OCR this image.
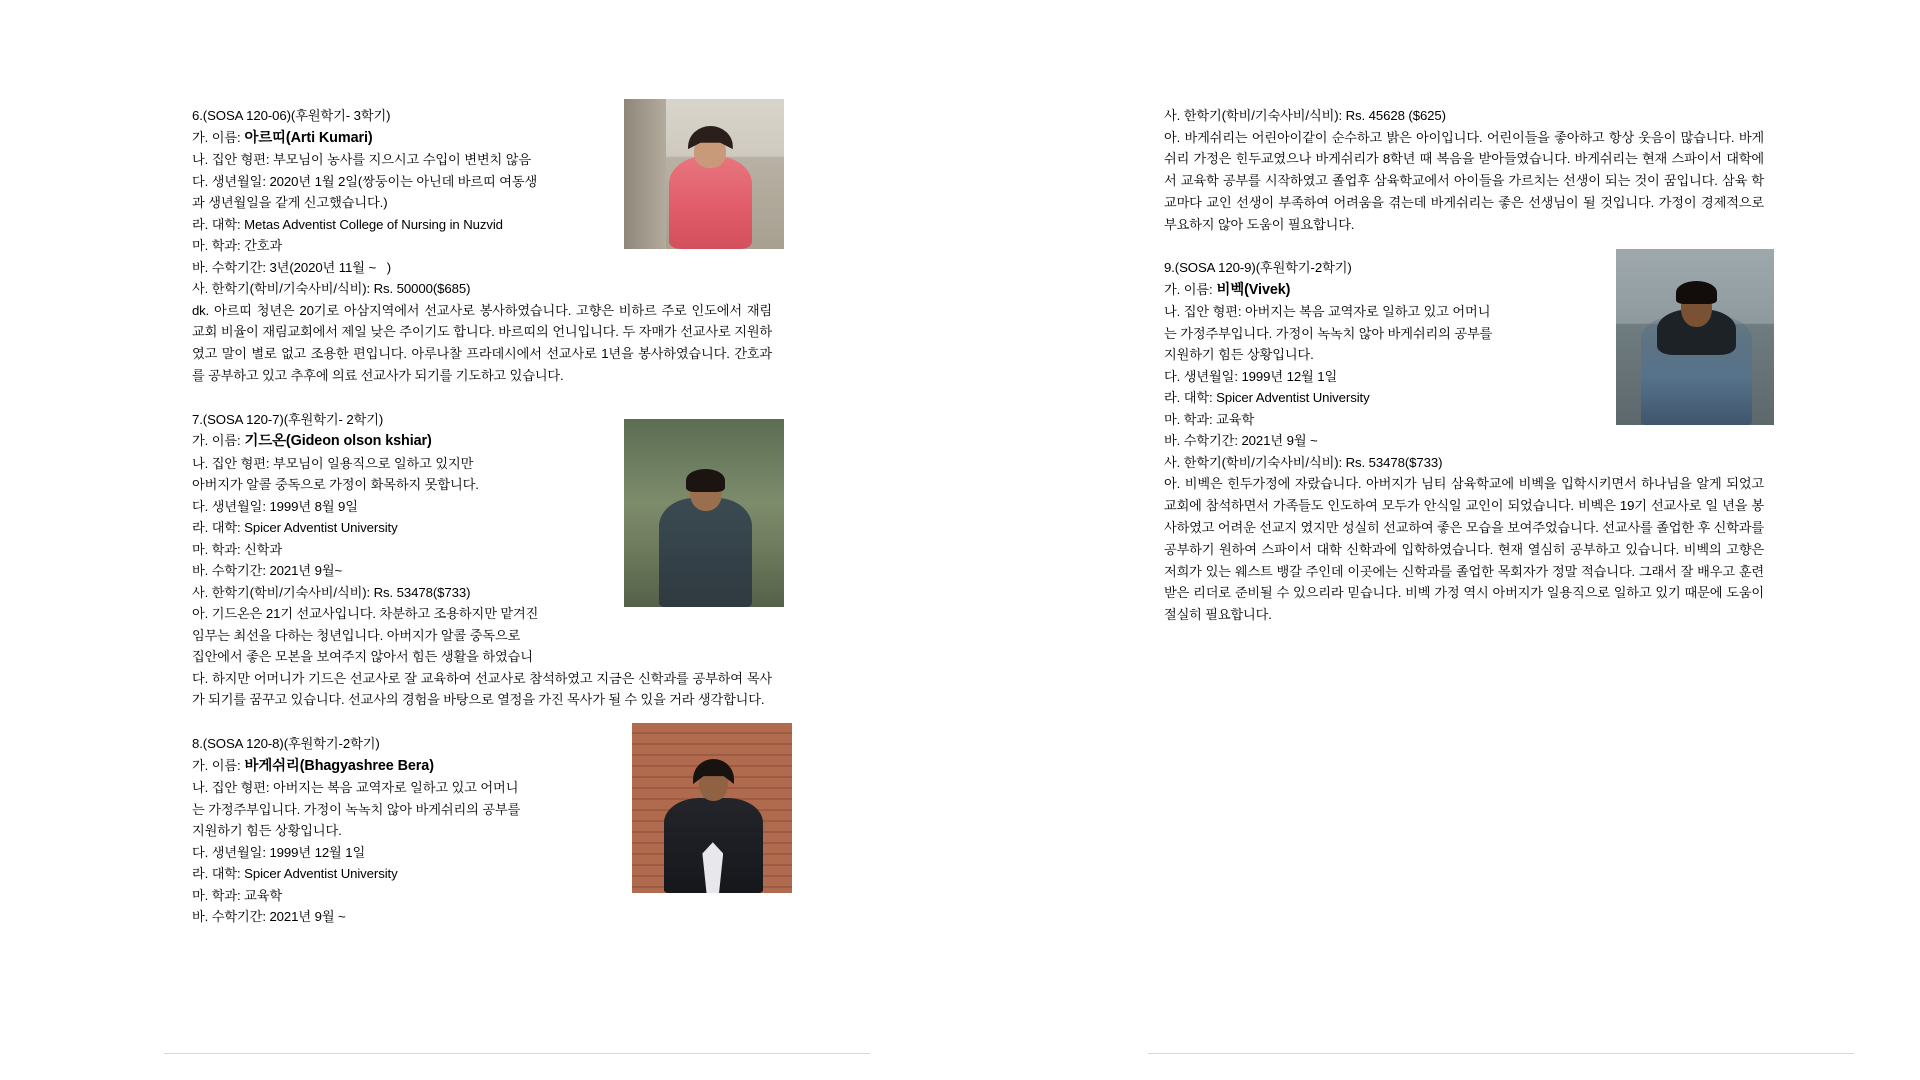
6.(SOSA 120-06)(후원학기- 3학기)
가. 이름: 아르띠(Arti Kumari)
나. 집안 형편: 부모님이 농사를 지으시고 수입이 변변치 않음
다. 생년월일: 2020년 1월 2일(쌍둥이는 아닌데 바르띠 여동생
과 생년월일을 같게 신고했습니다.)
라. 대학: Metas Adventist College of Nursing in Nuzvid
마. 학과: 간호과
바. 수학기간: 3년(2020년 11월 ~   )
사. 한학기(학비/기숙사비/식비): Rs. 50000($685)
dk. 아르띠 청년은 20기로 아삼지역에서 선교사로 봉사하였습니다. 고향은 비하르 주로 인도에서 재림 교회 비율이 재림교회에서 제일 낮은 주이기도 합니다. 바르띠의 언니입니다. 두 자매가 선교사로 지원하였고 말이 별로 없고 조용한 편입니다. 아루나찰 프라데시에서 선교사로 1년을 봉사하였습니다. 간호과를 공부하고 있고 추후에 의료 선교사가 되기를 기도하고 있습니다.
7.(SOSA 120-7)(후원학기- 2학기)
가. 이름: 기드온(Gideon olson kshiar)
나. 집안 형편: 부모님이 일용직으로 일하고 있지만
아버지가 알콜 중독으로 가정이 화목하지 못합니다.
다. 생년월일: 1999년 8월 9일
라. 대학: Spicer Adventist University
마. 학과: 신학과
바. 수학기간: 2021년 9월~
사. 한학기(학비/기숙사비/식비): Rs. 53478($733)
아. 기드온은 21기 선교사입니다. 차분하고 조용하지만 맡겨진
임무는 최선을 다하는 청년입니다. 아버지가 알콜 중독으로
집안에서 좋은 모본을 보여주지 않아서 힘든 생활을 하였습니
다. 하지만 어머니가 기드은 선교사로 잘 교육하여 선교사로 참석하였고 지금은 신학과를 공부하여 목사가 되기를 꿈꾸고 있습니다. 선교사의 경험을 바탕으로 열정을 가진 목사가 될 수 있을 거라 생각합니다.
8.(SOSA 120-8)(후원학기-2학기)
가. 이름: 바게쉬리(Bhagyashree Bera)
나. 집안 형편: 아버지는 복음 교역자로 일하고 있고 어머니
는 가정주부입니다. 가정이 녹녹치 않아 바게쉬리의 공부를
지원하기 힘든 상황입니다.
다. 생년월일: 1999년 12월 1일
라. 대학: Spicer Adventist University
마. 학과: 교육학
바. 수학기간: 2021년 9월 ~
사. 한학기(학비/기숙사비/식비): Rs. 45628 ($625)
아. 바게쉬리는 어린아이같이 순수하고 밝은 아이입니다. 어린이들을 좋아하고 항상 웃음이 많습니다. 바게쉬리 가정은 힌두교였으나 바게쉬리가 8학년 때 복음을 받아들였습니다. 바게쉬리는 현재 스파이서 대학에서 교육학 공부를 시작하였고 졸업후 삼육학교에서 아이들을 가르치는 선생이 되는 것이 꿈입니다. 삼육 학교마다 교인 선생이 부족하여 어려움을 겪는데 바게쉬리는 좋은 선생님이 될 것입니다. 가정이 경제적으로 부요하지 않아 도움이 필요합니다.
9.(SOSA 120-9)(후원학기-2학기)
가. 이름: 비벡(Vivek)
나. 집안 형편: 아버지는 복음 교역자로 일하고 있고 어머니
는 가정주부입니다. 가정이 녹녹치 않아 바게쉬리의 공부를
지원하기 힘든 상황입니다.
다. 생년월일: 1999년 12월 1일
라. 대학: Spicer Adventist University
마. 학과: 교육학
바. 수학기간: 2021년 9월 ~
사. 한학기(학비/기숙사비/식비): Rs. 53478($733)
아. 비벡은 힌두가정에 자랐습니다. 아버지가 님티 삼육학교에 비벡을 입학시키면서 하나님을 알게 되었고 교회에 참석하면서 가족들도 인도하여 모두가 안식일 교인이 되었습니다. 비벡은 19기 선교사로 일 년을 봉사하였고 어려운 선교지 였지만 성실히 선교하여 좋은 모습을 보여주었습니다. 선교사를 졸업한 후 신학과를 공부하기 원하여 스파이서 대학 신학과에 입학하였습니다. 현재 열심히 공부하고 있습니다. 비벡의 고향은 저희가 있는 웨스트 뱅갈 주인데 이곳에는 신학과를 졸업한 목회자가 정말 적습니다. 그래서 잘 배우고 훈련 받은 리더로 준비될 수 있으리라 믿습니다. 비벡 가정 역시 아버지가 일용직으로 일하고 있기 때문에 도움이 절실히 필요합니다.
